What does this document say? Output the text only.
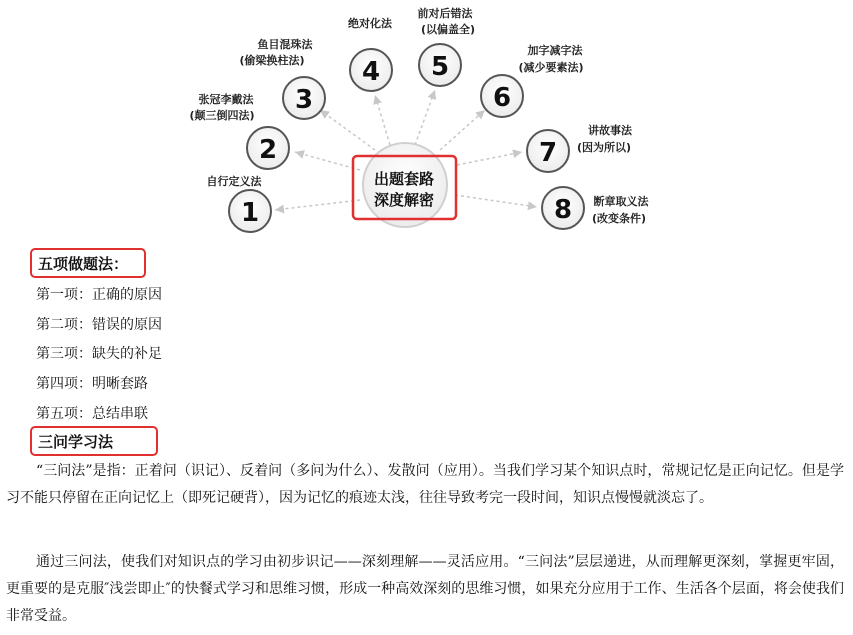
出题套路
深度解密
1
自行定义法
2
张冠李戴法
(颠三倒四法)
3
鱼目混珠法
(偷梁换柱法) 4
绝对化法
5
前对后错法
(以偏盖全)
6
加字减字法
(减少要素法)
7
讲故事法
(因为所以)
8 断章取义法
(改变条件)
五项做题法：
第一项：正确的原因
第二项：错误的原因
第三项：缺失的补足
第四项：明晰套路
第五项：总结串联
三问学习法
“三问法”是指：正着问（识记）、反着问（多问为什么）、发散问（应用）。当我们学习某个知识点时，常规记忆是正向记忆。但是学习不能只停留在正向记忆上（即死记硬背），因为记忆的痕迹太浅，往往导致考完一段时间，知识点慢慢就淡忘了。
通过三问法，使我们对知识点的学习由初步识记——深刻理解——灵活应用。“三问法”层层递进，从而理解更深刻，掌握更牢固，更重要的是克服″浅尝即止″的快餐式学习和思维习惯，形成一种高效深刻的思维习惯，如果充分应用于工作、生活各个层面，将会使我们非常受益。
